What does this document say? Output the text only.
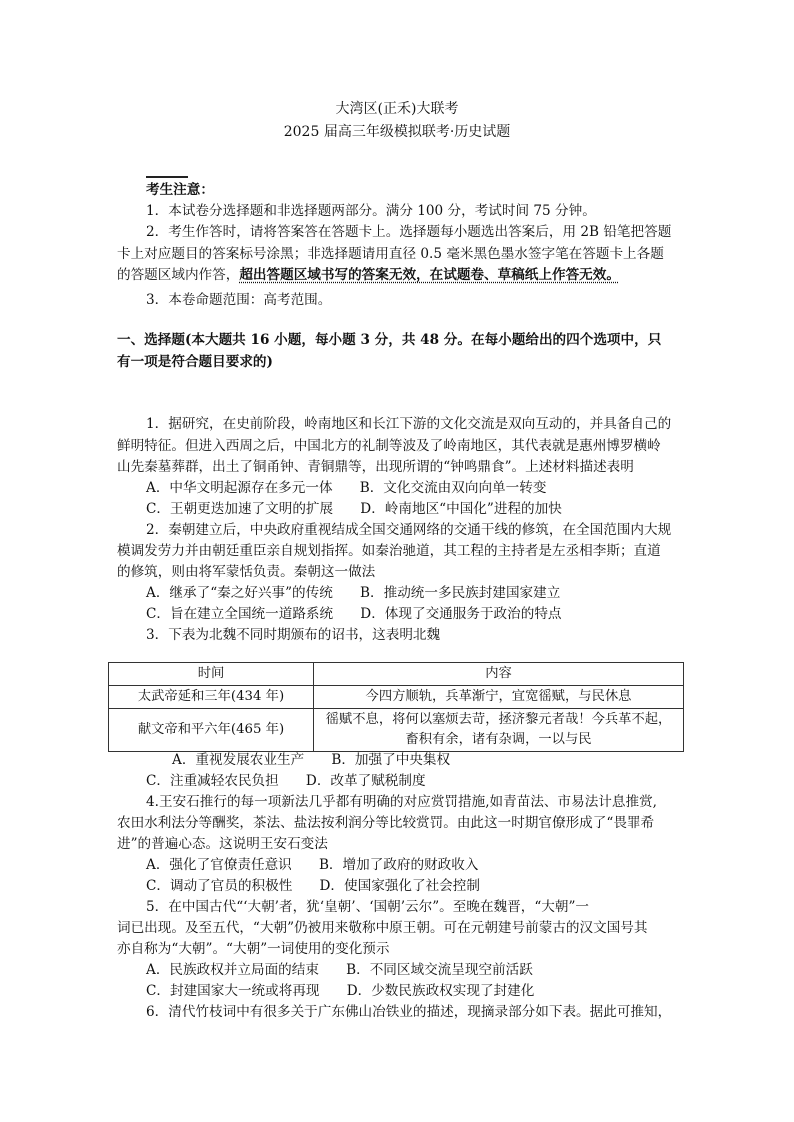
大湾区(正禾)大联考
2025 届高三年级模拟联考·历史试题
考生注意：
1．本试卷分选择题和非选择题两部分。满分 100 分，考试时间 75 分钟。
2．考生作答时，请将答案答在答题卡上。选择题每小题选出答案后，用 2B 铅笔把答题
卡上对应题目的答案标号涂黑；非选择题请用直径 0.5 毫米黑色墨水签字笔在答题卡上各题
的答题区域内作答，超出答题区域书写的答案无效，在试题卷、草稿纸上作答无效。
3．本卷命题范围：高考范围。
一、选择题(本大题共 16 小题，每小题 3 分，共 48 分。在每小题给出的四个选项中，只
有一项是符合题目要求的)
1．据研究，在史前阶段，岭南地区和长江下游的文化交流是双向互动的，并具备自己的
鲜明特征。但进入西周之后，中国北方的礼制等波及了岭南地区，其代表就是惠州博罗横岭
山先秦墓葬群，出土了铜甬钟、青铜鼎等，出现所谓的“钟鸣鼎食”。上述材料描述表明
A．中华文明起源存在多元一体　　B．文化交流由双向向单一转变
C．王朝更迭加速了文明的扩展　　D．岭南地区“中国化”进程的加快
2．秦朝建立后，中央政府重视结成全国交通网络的交通干线的修筑，在全国范围内大规
模调发劳力并由朝廷重臣亲自规划指挥。如秦治驰道，其工程的主持者是左丞相李斯；直道
的修筑，则由将军蒙恬负责。秦朝这一做法
A．继承了“秦之好兴事”的传统　　B．推动统一多民族封建国家建立
C．旨在建立全国统一道路系统　　D．体现了交通服务于政治的特点
3．下表为北魏不同时期颁布的诏书，这表明北魏
时间	内容
太武帝延和三年(434 年)	今四方顺轨，兵革渐宁，宜宽徭赋，与民休息
献文帝和平六年(465 年)	徭赋不息，将何以塞烦去苛，拯济黎元者哉！今兵革不起，
畜积有余，诸有杂调，一以与民
A．重视发展农业生产　　B．加强了中央集权
C．注重减轻农民负担　　D．改革了赋税制度
4.王安石推行的每一项新法几乎都有明确的对应赏罚措施,如青苗法、市易法计息推赏,
农田水利法分等酬奖，茶法、盐法按利润分等比较赏罚。由此这一时期官僚形成了“畏罪希
进”的普遍心态。这说明王安石变法
A．强化了官僚责任意识　　B．增加了政府的财政收入
C．调动了官员的积极性　　D．使国家强化了社会控制
5．在中国古代“‘大朝’者，犹‘皇朝’、‘国朝’云尔”。至晚在魏晋，“大朝”一
词已出现。及至五代，“大朝”仍被用来敬称中原王朝。可在元朝建号前蒙古的汉文国号其
亦自称为“大朝”。“大朝”一词使用的变化预示
A．民族政权并立局面的结束　　B．不同区域交流呈现空前活跃
C．封建国家大一统或将再现　　D．少数民族政权实现了封建化
6．清代竹枝词中有很多关于广东佛山冶铁业的描述，现摘录部分如下表。据此可推知，
